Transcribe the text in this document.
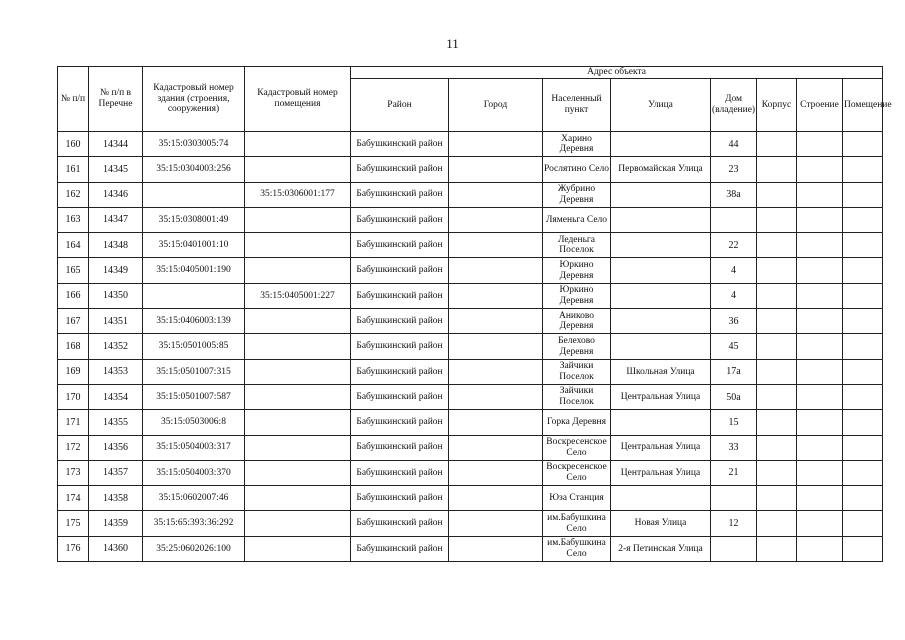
11
№ п/п	№ п/п в Перечне	Кадастровый номер здания (строения, сооружения)	Кадастровый номер помещения	Адрес объекта							
				Район	Город	Населенный пункт	Улица	Дом (владение)	Корпус	Строение	Помещение
160	14344	35:15:0303005:74		Бабушкинский район		Харино Деревня		44			
161	14345	35:15:0304003:256		Бабушкинский район		Рослятино Село	Первомайская Улица	23			
162	14346		35:15:0306001:177	Бабушкинский район		Жубрино Деревня		38а			
163	14347	35:15:0308001:49		Бабушкинский район		Ляменьга Село					
164	14348	35:15:0401001:10		Бабушкинский район		Леденьга Поселок		22			
165	14349	35:15:0405001:190		Бабушкинский район		Юркино Деревня		4			
166	14350		35:15:0405001:227	Бабушкинский район		Юркино Деревня		4			
167	14351	35:15:0406003:139		Бабушкинский район		Аниково Деревня		36			
168	14352	35:15:0501005:85		Бабушкинский район		Белехово Деревня		45			
169	14353	35:15:0501007:315		Бабушкинский район		Зайчики Поселок	Школьная Улица	17а			
170	14354	35:15:0501007:587		Бабушкинский район		Зайчики Поселок	Центральная Улица	50а			
171	14355	35:15:0503006:8		Бабушкинский район		Горка Деревня		15			
172	14356	35:15:0504003:317		Бабушкинский район		Воскресенское Село	Центральная Улица	33			
173	14357	35:15:0504003:370		Бабушкинский район		Воскресенское Село	Центральная Улица	21			
174	14358	35:15:0602007:46		Бабушкинский район		Юза Станция					
175	14359	35:15:65:393:36:292		Бабушкинский район		им.Бабушкина Село	Новая Улица	12			
176	14360	35:25:0602026:100		Бабушкинский район		им.Бабушкина Село	2-я Петинская Улица				
